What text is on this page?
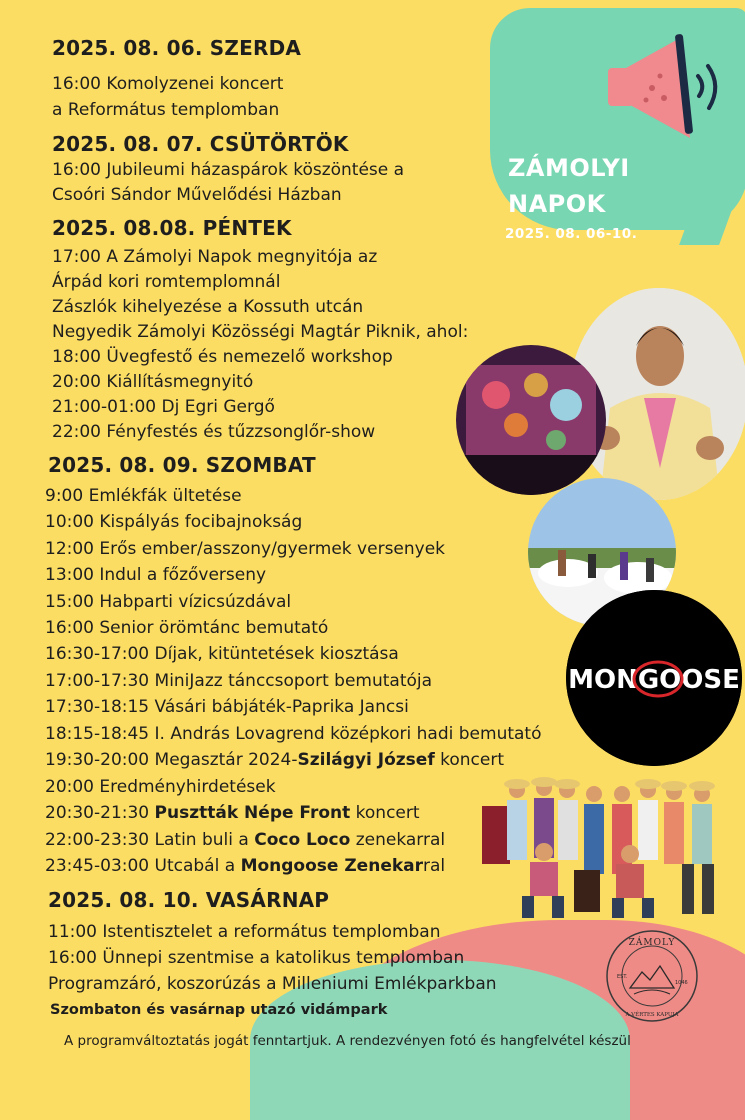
ZÁMOLYI
NAPOK
2025. 08. 06-10.
2025. 08. 06. SZERDA
16:00 Komolyzenei koncert
a Református templomban
2025. 08. 07. CSÜTÖRTÖK
16:00 Jubileumi házaspárok köszöntése a
Csoóri Sándor Művelődési Házban
2025. 08.08. PÉNTEK
17:00 A Zámolyi Napok megnyitója az
Árpád kori romtemplomnál
Zászlók kihelyezése a Kossuth utcán
Negyedik Zámolyi Közösségi Magtár Piknik, ahol:
18:00 Üvegfestő és nemezelő workshop
20:00 Kiállításmegnyitó
21:00-01:00 Dj Egri Gergő
22:00 Fényfestés és tűzzsonglőr-show
2025. 08. 09. SZOMBAT
9:00 Emlékfák ültetése
10:00 Kispályás focibajnokság
12:00 Erős ember/asszony/gyermek versenyek
13:00 Indul a főzőverseny
15:00 Habparti vízicsúzdával
16:00 Senior örömtánc bemutató
16:30-17:00 Díjak, kitüntetések kiosztása
17:00-17:30 MiniJazz tánccsoport bemutatója
17:30-18:15 Vásári bábjáték-Paprika Jancsi
18:15-18:45 I. András Lovagrend középkori hadi bemutató
19:30-20:00 Megasztár 2024-Szilágyi József koncert
20:00 Eredményhirdetések
20:30-21:30 Pusztták Népe Front koncert
22:00-23:30 Latin buli a Coco Loco zenekarral
23:45-03:00 Utcabál a Mongoose Zenekarral
2025. 08. 10. VASÁRNAP
11:00 Istentisztelet a református templomban
16:00 Ünnepi szentmise a katolikus templomban
Programzáró, koszorúzás a Milleniumi Emlékparkban
Szombaton és vasárnap utazó vidámpark
A programváltoztatás jogát fenntartjuk. A rendezvényen fotó és hangfelvétel készül
MONGOOSE
ZÁMOLY
A VÉRTES KAPUJA
EST.
1046
